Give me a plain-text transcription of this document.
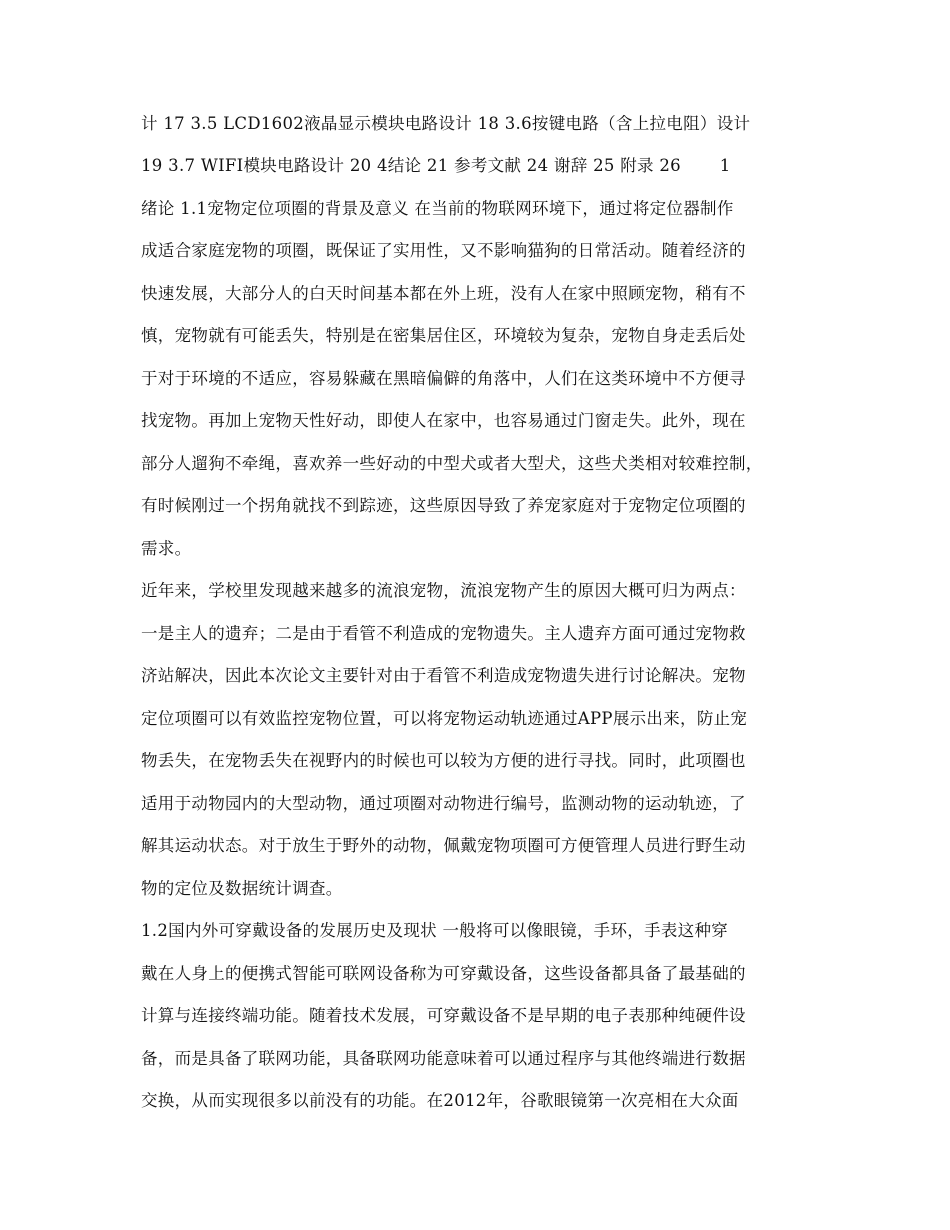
计 17 3.5 LCD1602液晶显示模块电路设计 18 3.6按键电路（含上拉电阻）设计
19 3.7 WIFI模块电路设计 20 4结论 21 参考文献 24 谢辞 25 附录 26       1
绪论 1.1宠物定位项圈的背景及意义 在当前的物联网环境下，通过将定位器制作
成适合家庭宠物的项圈，既保证了实用性，又不影响猫狗的日常活动。随着经济的
快速发展，大部分人的白天时间基本都在外上班，没有人在家中照顾宠物，稍有不
慎，宠物就有可能丢失，特别是在密集居住区，环境较为复杂，宠物自身走丢后处
于对于环境的不适应，容易躲藏在黑暗偏僻的角落中，人们在这类环境中不方便寻
找宠物。再加上宠物天性好动，即使人在家中，也容易通过门窗走失。此外，现在
部分人遛狗不牵绳，喜欢养一些好动的中型犬或者大型犬，这些犬类相对较难控制，
有时候刚过一个拐角就找不到踪迹，这些原因导致了养宠家庭对于宠物定位项圈的
需求。
近年来，学校里发现越来越多的流浪宠物，流浪宠物产生的原因大概可归为两点：
一是主人的遗弃；二是由于看管不利造成的宠物遗失。主人遗弃方面可通过宠物救
济站解决，因此本次论文主要针对由于看管不利造成宠物遗失进行讨论解决。宠物
定位项圈可以有效监控宠物位置，可以将宠物运动轨迹通过APP展示出来，防止宠
物丢失，在宠物丢失在视野内的时候也可以较为方便的进行寻找。同时，此项圈也
适用于动物园内的大型动物，通过项圈对动物进行编号，监测动物的运动轨迹，了
解其运动状态。对于放生于野外的动物，佩戴宠物项圈可方便管理人员进行野生动
物的定位及数据统计调查。
1.2国内外可穿戴设备的发展历史及现状 一般将可以像眼镜，手环，手表这种穿
戴在人身上的便携式智能可联网设备称为可穿戴设备，这些设备都具备了最基础的
计算与连接终端功能。随着技术发展，可穿戴设备不是早期的电子表那种纯硬件设
备，而是具备了联网功能，具备联网功能意味着可以通过程序与其他终端进行数据
交换，从而实现很多以前没有的功能。在2012年，谷歌眼镜第一次亮相在大众面
